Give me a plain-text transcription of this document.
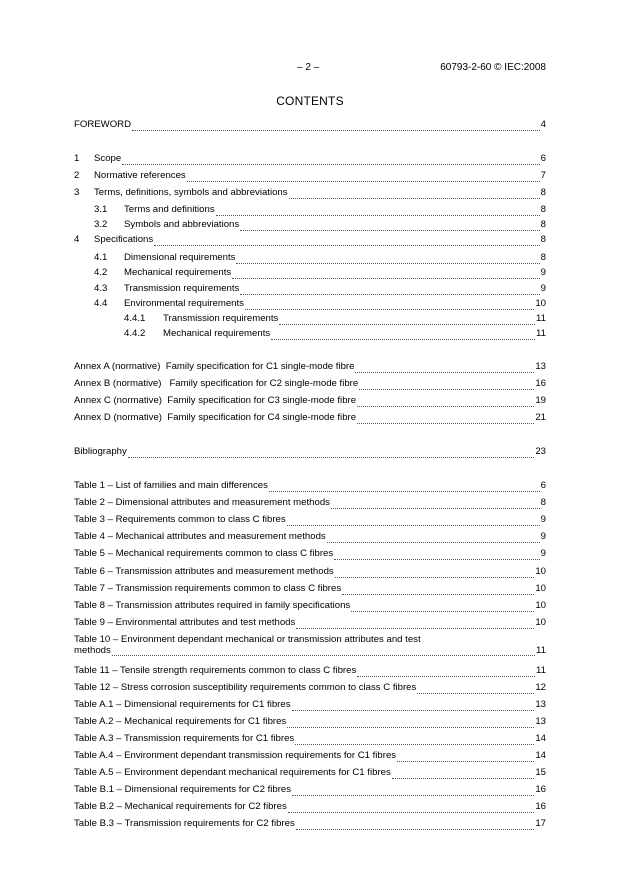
– 2 –	60793-2-60 © IEC:2008
CONTENTS
FOREWORD	4
1	Scope	6
2	Normative references	7
3	Terms, definitions, symbols and abbreviations	8
3.1	Terms and definitions	8
3.2	Symbols and abbreviations	8
4	Specifications	8
4.1	Dimensional requirements	8
4.2	Mechanical requirements	9
4.3	Transmission requirements	9
4.4	Environmental requirements	10
4.4.1	Transmission requirements	11
4.4.2	Mechanical requirements	11
Annex A (normative)  Family specification for C1 single-mode fibre	13
Annex B (normative)   Family specification for C2 single-mode fibre	16
Annex C (normative)  Family specification for C3 single-mode fibre	19
Annex D (normative)  Family specification for C4 single-mode fibre	21
Bibliography	23
Table 1 – List of families and main differences	6
Table 2 – Dimensional attributes and measurement methods	8
Table 3 – Requirements common to class C fibres	9
Table 4 – Mechanical attributes and measurement methods	9
Table 5 – Mechanical requirements common to class C fibres	9
Table 6 – Transmission attributes and measurement methods	10
Table 7 – Transmission requirements common to class C fibres	10
Table 8 – Transmission attributes required in family specifications	10
Table 9 – Environmental attributes and test methods	10
Table 10 – Environment dependant mechanical or transmission attributes and test
methods	11
Table 11 – Tensile strength requirements common to class C fibres	11
Table 12 – Stress corrosion susceptibility requirements common to class C fibres	12
Table A.1 – Dimensional requirements for C1 fibres	13
Table A.2 – Mechanical requirements for C1 fibres	13
Table A.3 – Transmission requirements for C1 fibres	14
Table A.4 – Environment dependant transmission requirements for C1 fibres	14
Table A.5 – Environment dependant mechanical requirements for C1 fibres	15
Table B.1 – Dimensional requirements for C2 fibres	16
Table B.2 – Mechanical requirements for C2 fibres	16
Table B.3 – Transmission requirements for C2 fibres	17
